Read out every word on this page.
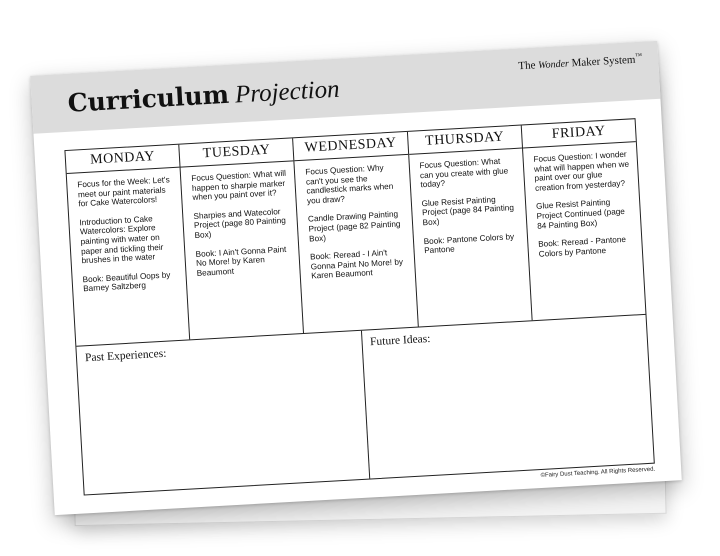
Curriculum Projection
The Wonder Maker System™
MONDAY

Focus for the Week: Let's meet our paint materials for Cake Watercolors!

Introduction to Cake Watercolors: Explore painting with water on paper and tickling their brushes in the water

Book: Beautiful Oops by Barney Saltzberg

TUESDAY

Focus Question: What will happen to sharpie marker when you paint over it?

Sharpies and Watecolor Project (page 80 Painting Box)

Book: I Ain't Gonna Paint No More! by Karen Beaumont

WEDNESDAY

Focus Question: Why can't you see the candlestick marks when you draw?

Candle Drawing Painting Project (page 82 Painting Box)

Book: Reread - I Ain't Gonna Paint No More! by Karen Beaumont

THURSDAY

Focus Question: What can you create with glue today?

Glue Resist Painting Project (page 84 Painting Box)

Book: Pantone Colors by Pantone

FRIDAY

Focus Question: I wonder what will happen when we paint over our glue creation from yesterday?

Glue Resist Painting Project Continued (page 84 Painting Box)

Book: Reread - Pantone Colors by Pantone

Past Experiences:
Future Ideas:
©Fairy Dust Teaching. All Rights Reserved.
